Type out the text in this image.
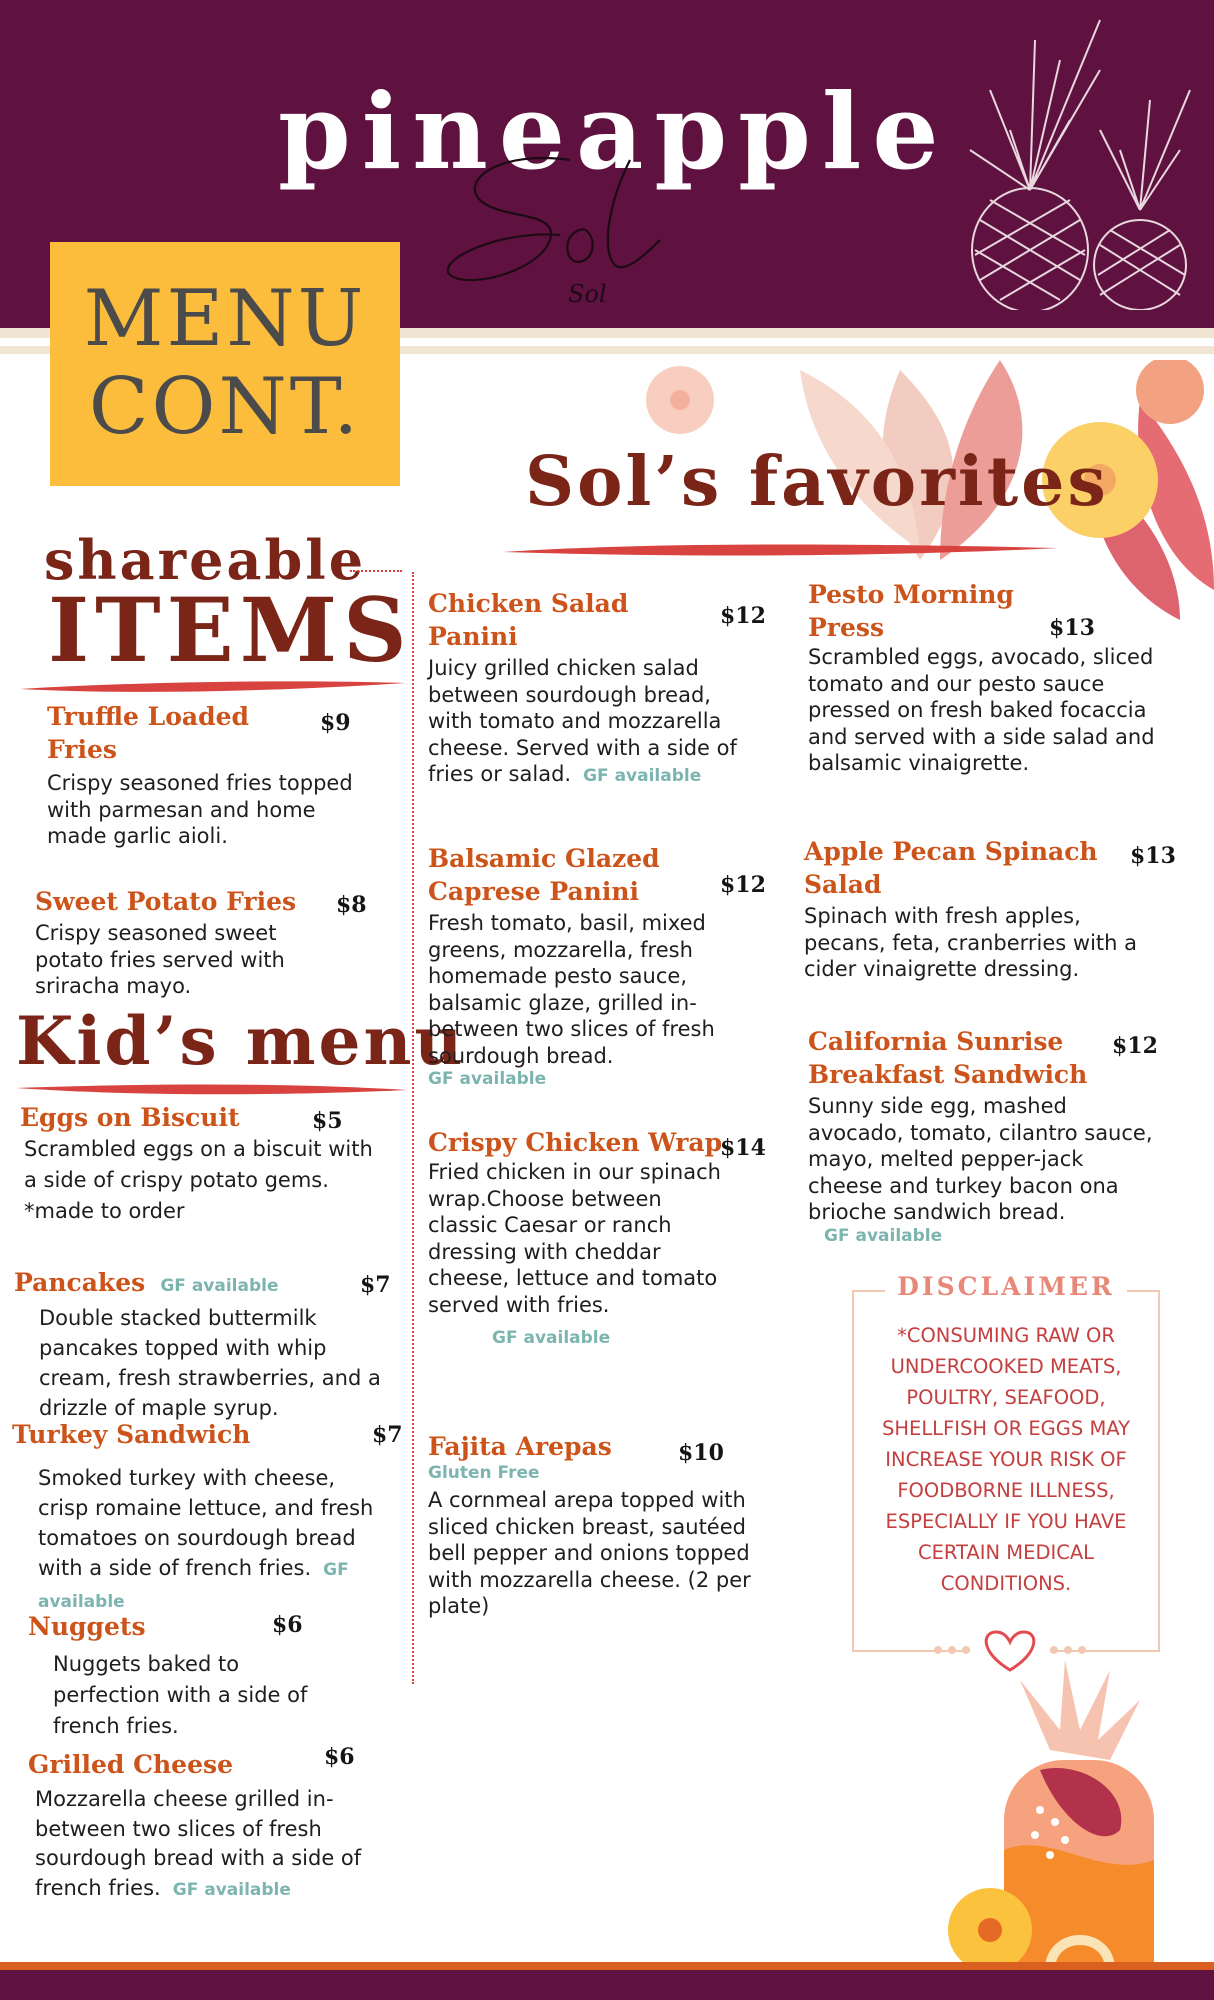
pineapple
Sol
MENU
CONT.
Sol’s favorites
shareable
ITEMS
Truffle Loaded Fries
Crispy seasoned fries topped with parmesan and home made garlic aioli.
$9
Sweet Potato Fries
Crispy seasoned sweet potato fries served with sriracha mayo.
$8
Kid’s menu
Eggs on Biscuit
Scrambled eggs on a biscuit with a side of crispy potato gems.
*made to order
$5
Pancakes GF available
Double stacked buttermilk pancakes topped with whip cream, fresh strawberries, and a drizzle of maple syrup.
$7
Turkey Sandwich
Smoked turkey with cheese, crisp romaine lettuce, and fresh tomatoes on sourdough bread with a side of french fries. GF available
$7
Nuggets
Nuggets baked to perfection with a side of french fries.
$6
Grilled Cheese
Mozzarella cheese grilled in-between two slices of fresh sourdough bread with a side of french fries. GF available
$6
Chicken Salad Panini
Juicy grilled chicken salad between sourdough bread, with tomato and mozzarella cheese. Served with a side of fries or salad. GF available
$12
Balsamic Glazed Caprese Panini
Fresh tomato, basil, mixed greens, mozzarella, fresh homemade pesto sauce, balsamic glaze, grilled in-between two slices of fresh sourdough bread.
GF available
$12
Crispy Chicken Wrap
Fried chicken in our spinach wrap.Choose between classic Caesar or ranch dressing with cheddar cheese, lettuce and tomato served with fries.
GF available
$14
Fajita Arepas
Gluten Free
A cornmeal arepa topped with sliced chicken breast, sautéed bell pepper and onions topped with mozzarella cheese. (2 per plate)
$10
Pesto Morning Press
Scrambled eggs, avocado, sliced tomato and our pesto sauce pressed on fresh baked focaccia and served with a side salad and balsamic vinaigrette.
$13
Apple Pecan Spinach Salad
Spinach with fresh apples, pecans, feta, cranberries with a cider vinaigrette dressing.
$13
California Sunrise Breakfast Sandwich
Sunny side egg, mashed avocado, tomato, cilantro sauce, mayo, melted pepper-jack cheese and turkey bacon ona brioche sandwich bread.
GF available
$12
DISCLAIMER

*CONSUMING RAW OR UNDERCOOKED MEATS, POULTRY, SEAFOOD, SHELLFISH OR EGGS MAY INCREASE YOUR RISK OF FOODBORNE ILLNESS, ESPECIALLY IF YOU HAVE CERTAIN MEDICAL CONDITIONS.
